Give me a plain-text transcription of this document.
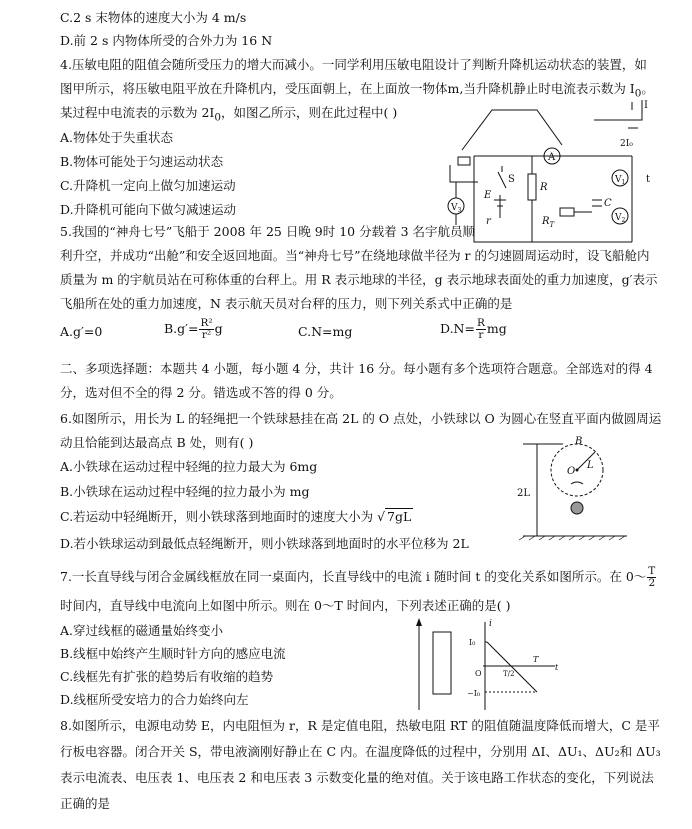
C.2 s 末物体的速度大小为 4 m/s
D.前 2 s 内物体所受的合外力为 16 N
4.压敏电阻的阻值会随所受压力的增大而减小。一同学利用压敏电阻设计了判断升降机运动状态的装置，如
图甲所示，将压敏电阻平放在升降机内，受压面朝上，在上面放一物体m,当升降机静止时电流表示数为 $I_0$。
某过程中电流表的示数为 $2I_0$，如图乙所示，则在此过程中( )
A.物体处于失重状态
B.物体可能处于匀速运动状态
C.升降机一定向上做匀加速运动
D.升降机可能向下做匀减速运动
5.我国的“神舟七号”飞船于 2008 年 25 日晚 9时 10 分载着 3 名宇航员顺
利升空，并成功“出舱”和安全返回地面。当“神舟七号”在绕地球做半径为 r 的匀速圆周运动时，设飞船舱内
质量为 m 的宇航员站在可称体重的台秤上。用 R 表示地球的半径，g 表示地球表面处的重力加速度，g′表示
飞船所在处的重力加速度，N 表示航天员对台秤的压力，则下列关系式中正确的是
A.g′=0	$B.g'= \frac{\text{R²}}{\text{r²}}$ g	C.N=mg	$D.N= \frac{R}{r}$ mg
二、多项选择题：本题共 4 小题，每小题 4 分，共计 16 分。每小题有多个选项符合题意。全部选对的得 4
分，选对但不全的得 2 分。错选或不答的得 0 分。
6.如图所示，用长为 L 的轻绳把一个铁球悬挂在高 2L 的 O 点处，小铁球以 O 为圆心在竖直平面内做圆周运
动且恰能到达最高点 B 处，则有( )
A.小铁球在运动过程中轻绳的拉力最大为 6mg
B.小铁球在运动过程中轻绳的拉力最小为 mg
C.若运动中轻绳断开，则小铁球落到地面时的速度大小为 √ 7gL
D.若小铁球运动到最低点轻绳断开，则小铁球落到地面时的水平位移为 2L
7.一长直导线与闭合金属线框放在同一桌面内，长直导线中的电流 i 随时间 t 的变化关系如图所示。在 0～ $\frac{T}{2}$
时间内，直导线中电流向上如图中所示。则在 0～T 时间内，下列表述正确的是( )
A.穿过线框的磁通量始终变小
B.线框中始终产生顺时针方向的感应电流
C.线框先有扩张的趋势后有收缩的趋势
D.线框所受安培力的合力始终向左
8.如图所示，电源电动势 E，内电阻恒为 r，R 是定值电阻，热敏电阻 RT 的阻值随温度降低而增大，C 是平
行板电容器。闭合开关 S，带电液滴刚好静止在 C 内。在温度降低的过程中，分别用 ΔI、ΔU₁、ΔU₂和 ΔU₃
表示电流表、电压表 1、电压表 2 和电压表 3 示数变化量的绝对值。关于该电路工作状态的变化，下列说法
正确的是
2I₀
I
t
A
S
E
r
R
$R_T$
C
$V_1$
$V_2$
$V_3$
B
O
L
2L
i
I₀
−I₀
O	T/2
T
t
